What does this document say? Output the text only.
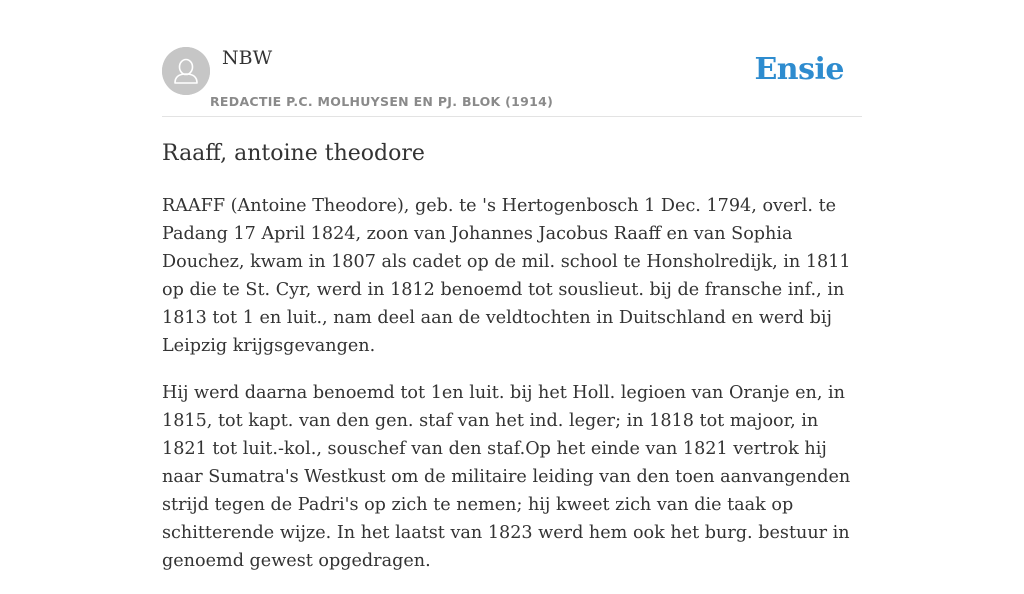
NBW
REDACTIE P.C. MOLHUYSEN EN PJ. BLOK (1914)
Ensie
Raaff, antoine theodore

RAAFF (Antoine Theodore), geb. te 's Hertogenbosch 1 Dec. 1794, overl. te Padang 17 April 1824, zoon van Johannes Jacobus Raaff en van Sophia Douchez, kwam in 1807 als cadet op de mil. school te Honsholredijk, in 1811 op die te St. Cyr, werd in 1812 benoemd tot souslieut. bij de fransche inf., in 1813 tot 1 en luit., nam deel aan de veldtochten in Duitschland en werd bij Leipzig krijgsgevangen.

Hij werd daarna benoemd tot 1en luit. bij het Holl. legioen van Oranje en, in 1815, tot kapt. van den gen. staf van het ind. leger; in 1818 tot majoor, in 1821 tot luit.-kol., souschef van den staf.Op het einde van 1821 vertrok hij naar Sumatra's Westkust om de militaire leiding van den toen aanvangenden strijd tegen de Padri's op zich te nemen; hij kweet zich van die taak op schitterende wijze. In het laatst van 1823 werd hem ook het burg. bestuur in genoemd gewest opgedragen.
